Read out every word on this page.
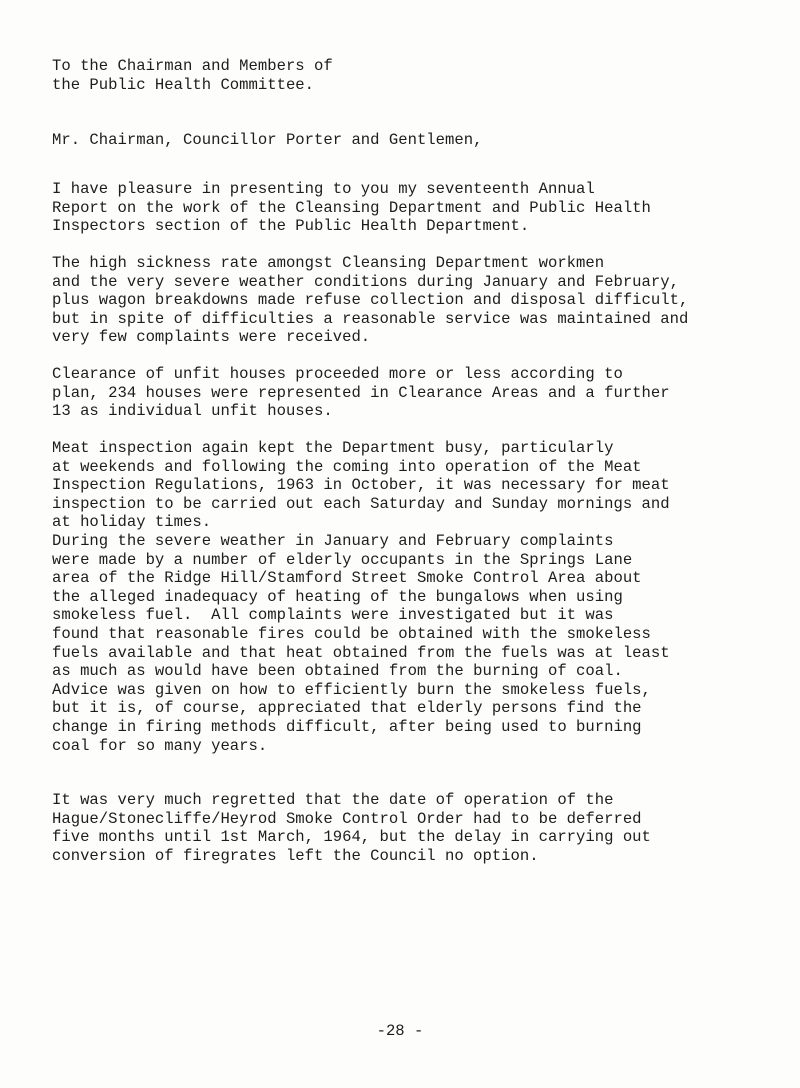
To the Chairman and Members of
the Public Health Committee.

Mr. Chairman, Councillor Porter and Gentlemen,

I have pleasure in presenting to you my seventeenth Annual
Report on the work of the Cleansing Department and Public Health
Inspectors section of the Public Health Department.

The high sickness rate amongst Cleansing Department workmen
and the very severe weather conditions during January and February,
plus wagon breakdowns made refuse collection and disposal difficult,
but in spite of difficulties a reasonable service was maintained and
very few complaints were received.

Clearance of unfit houses proceeded more or less according to
plan, 234 houses were represented in Clearance Areas and a further
13 as individual unfit houses.

Meat inspection again kept the Department busy, particularly
at weekends and following the coming into operation of the Meat
Inspection Regulations, 1963 in October, it was necessary for meat
inspection to be carried out each Saturday and Sunday mornings and
at holiday times.

During the severe weather in January and February complaints
were made by a number of elderly occupants in the Springs Lane
area of the Ridge Hill/Stamford Street Smoke Control Area about
the alleged inadequacy of heating of the bungalows when using
smokeless fuel.  All complaints were investigated but it was
found that reasonable fires could be obtained with the smokeless
fuels available and that heat obtained from the fuels was at least
as much as would have been obtained from the burning of coal.
Advice was given on how to efficiently burn the smokeless fuels,
but it is, of course, appreciated that elderly persons find the
change in firing methods difficult, after being used to burning
coal for so many years.

It was very much regretted that the date of operation of the
Hague/Stonecliffe/Heyrod Smoke Control Order had to be deferred
five months until 1st March, 1964, but the delay in carrying out
conversion of firegrates left the Council no option.

-28 -
